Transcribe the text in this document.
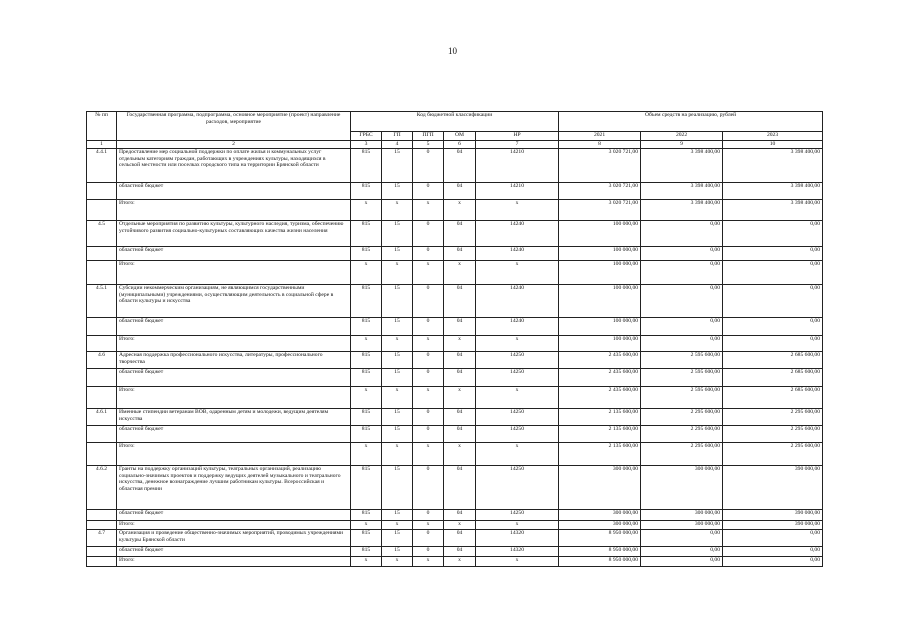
10
№ пп	Государственная программа, подпрограмма, основное мероприятие (проект) направление расходов, мероприятие	Код бюджетной классификации					Объем средств на реализацию, рублей		
		ГРБС	ГП	ПГП	ОМ	НР	2021	2022	2023
1	2	3	4	5	6	7	8	9	10
4.4.1	Предоставление мер социальной поддержки по оплате жилья и коммунальных услуг отдельным категориям граждан, работающих в учреждениях культуры, находящихся в сельской местности или поселках городского типа на территории Брянской области	815	15	0	04	14210	3 020 721,00	3 398 400,00	3 398 400,00
	областной бюджет	815	15	0	04	14210	3 020 721,00	3 398 400,00	3 398 400,00
	Итого:	х	х	х	х	х	3 020 721,00	3 398 400,00	3 398 400,00
4.5	Отдельные мероприятия по развитию культуры, культурного наследия, туризма, обеспечению устойчивого развития социально-культурных составляющих качества жизни населения	815	15	0	04	14240	100 000,00	0,00	0,00
	областной бюджет	815	15	0	04	14240	100 000,00	0,00	0,00
	Итого:	х	х	х	х	х	100 000,00	0,00	0,00
4.5.1	Субсидии некоммерческим организациям, не являющимся государственными (муниципальными) учреждениями, осуществляющим деятельность в социальной сфере в области культуры и искусства	815	15	0	04	14240	100 000,00	0,00	0,00
	областной бюджет	815	15	0	04	14240	100 000,00	0,00	0,00
	Итого:	х	х	х	х	х	100 000,00	0,00	0,00
4.6	Адресная поддержка профессионального искусства, литературы, профессионального творчества	815	15	0	04	14250	2 435 600,00	2 595 600,00	2 685 600,00
	областной бюджет	815	15	0	04	14250	2 435 600,00	2 595 600,00	2 685 600,00
	Итого:	х	х	х	х	х	2 435 600,00	2 595 600,00	2 685 600,00
4.6.1	Именные стипендии ветеранам ВОВ, одаренным детям и молодежи, ведущим деятелям искусства	815	15	0	04	14250	2 135 600,00	2 295 600,00	2 295 600,00
	областной бюджет	815	15	0	04	14250	2 135 600,00	2 295 600,00	2 295 600,00
	Итого:	х	х	х	х	х	2 135 600,00	2 295 600,00	2 295 600,00
4.6.2	Гранты на поддержку организаций культуры, театральных организаций, реализацию социально-значимых проектов и поддержку ведущих деятелей музыкального и театрального искусства, денежное вознаграждение лучшим работникам культуры. Всероссийская и областная премии	815	15	0	04	14250	300 000,00	300 000,00	390 000,00
	областной бюджет	815	15	0	04	14250	300 000,00	300 000,00	390 000,00
	Итого:	х	х	х	х	х	300 000,00	300 000,00	390 000,00
4.7	Организация и проведение общественно-значимых мероприятий, проводимых учреждениями культуры Брянской области	815	15	0	04	14320	8 950 000,00	0,00	0,00
	областной бюджет	815	15	0	04	14320	8 950 000,00	0,00	0,00
	Итого:	х	х	х	х	х	8 950 000,00	0,00	0,00
